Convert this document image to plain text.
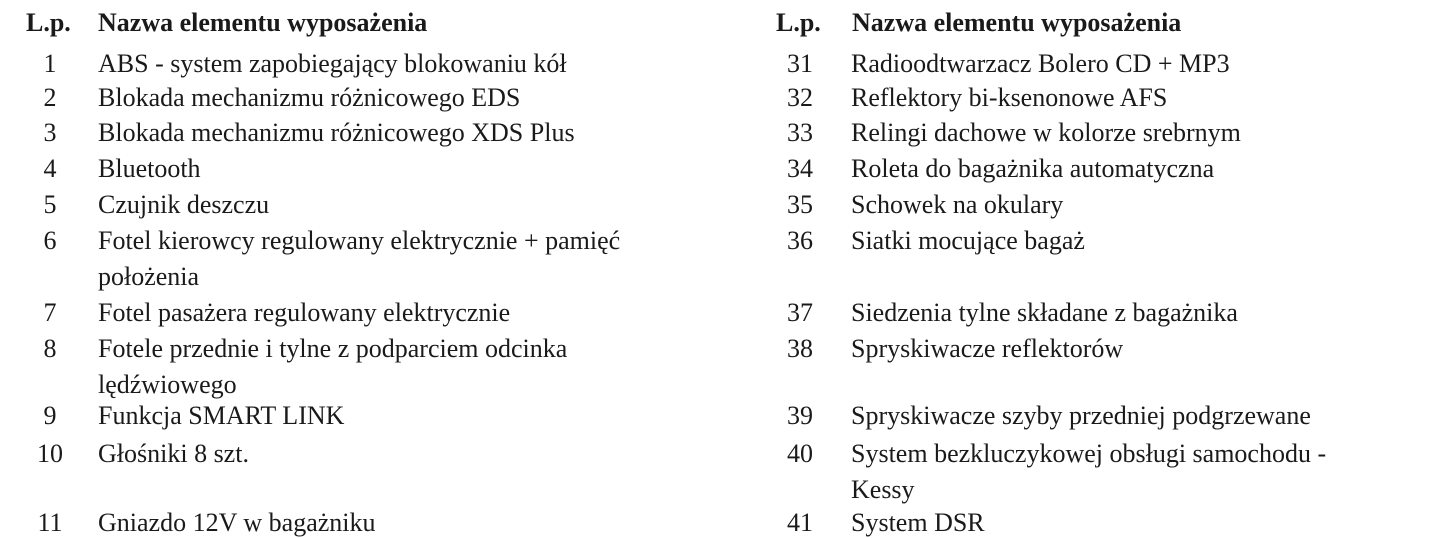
L.p. Nazwa elementu wyposażenia	L.p. Nazwa elementu wyposażenia
1	ABS - system zapobiegający blokowaniu kół
2	Blokada mechanizmu różnicowego EDS
3	Blokada mechanizmu różnicowego XDS Plus
4	Bluetooth
5	Czujnik deszczu
6	Fotel kierowcy regulowany elektrycznie + pamięć
położenia
7	Fotel pasażera regulowany elektrycznie
8	Fotele przednie i tylne z podparciem odcinka
lędźwiowego
9	Funkcja SMART LINK
10	Głośniki 8 szt.
11	Gniazdo 12V w bagażniku
31	Radioodtwarzacz Bolero CD + MP3
32	Reflektory bi-ksenonowe AFS
33	Relingi dachowe w kolorze srebrnym
34	Roleta do bagażnika automatyczna
35	Schowek na okulary
36	Siatki mocujące bagaż
37	Siedzenia tylne składane z bagażnika
38	Spryskiwacze reflektorów
39	Spryskiwacze szyby przedniej podgrzewane
40	System bezkluczykowej obsługi samochodu -
Kessy
41	System DSR
